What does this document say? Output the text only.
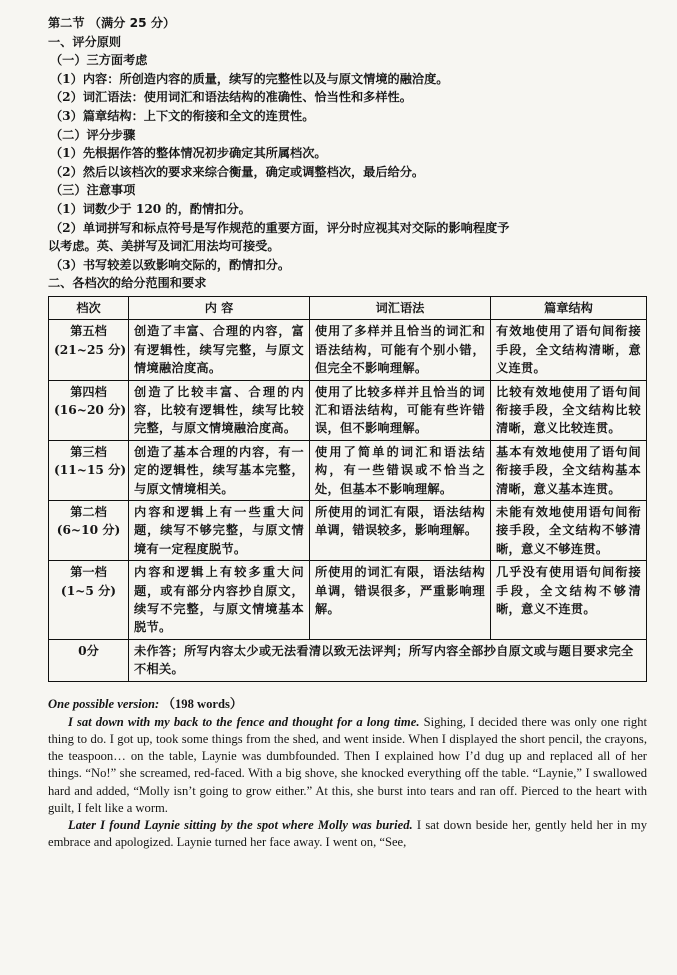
第二节 （满分 25 分）
一、评分原则
（一）三方面考虑
（1）内容：所创造内容的质量，续写的完整性以及与原文情境的融洽度。
（2）词汇语法：使用词汇和语法结构的准确性、恰当性和多样性。
（3）篇章结构：上下文的衔接和全文的连贯性。
（二）评分步骤
（1）先根据作答的整体情况初步确定其所属档次。
（2）然后以该档次的要求来综合衡量，确定或调整档次，最后给分。
（三）注意事项
（1）词数少于 120 的，酌情扣分。
（2）单词拼写和标点符号是写作规范的重要方面，评分时应视其对交际的影响程度予
以考虑。英、美拼写及词汇用法均可接受。
（3）书写较差以致影响交际的，酌情扣分。
二、各档次的给分范围和要求
档次	内 容	词汇语法	篇章结构

第五档
(21~25 分)	创造了丰富、合理的内容，富有逻辑性，续写完整，与原文情境融洽度高。	使用了多样并且恰当的词汇和语法结构，可能有个别小错，但完全不影响理解。	有效地使用了语句间衔接手段，全文结构清晰，意义连贯。

第四档
(16~20 分)	创造了比较丰富、合理的内容，比较有逻辑性，续写比较完整，与原文情境融洽度高。	使用了比较多样并且恰当的词汇和语法结构，可能有些许错误，但不影响理解。	比较有效地使用了语句间衔接手段，全文结构比较清晰，意义比较连贯。

第三档
(11~15 分)	创造了基本合理的内容，有一定的逻辑性，续写基本完整，与原文情境相关。	使用了简单的词汇和语法结构，有一些错误或不恰当之处，但基本不影响理解。	基本有效地使用了语句间衔接手段，全文结构基本清晰，意义基本连贯。

第二档
(6~10 分)	内容和逻辑上有一些重大问题，续写不够完整，与原文情境有一定程度脱节。	所使用的词汇有限，语法结构单调，错误较多，影响理解。	未能有效地使用语句间衔接手段，全文结构不够清晰，意义不够连贯。

第一档
(1~5 分)	内容和逻辑上有较多重大问题，或有部分内容抄自原文，续写不完整，与原文情境基本脱节。	所使用的词汇有限，语法结构单调，错误很多，严重影响理解。	几乎没有使用语句间衔接手段，全文结构不够清晰，意义不连贯。
0分	未作答；所写内容太少或无法看清以致无法评判；所写内容全部抄自原文或与题目要求完全不相关。		
One possible version: （198 words）

I sat down with my back to the fence and thought for a long time. Sighing, I decided there was only one right thing to do. I got up, took some things from the shed, and went inside. When I displayed the short pencil, the crayons, the teaspoon… on the table, Laynie was dumbfounded. Then I explained how I’d dug up and replaced all of her things. “No!” she screamed, red-faced. With a big shove, she knocked everything off the table. “Laynie,” I swallowed hard and added, “Molly isn’t going to grow either.” At this, she burst into tears and ran off. Pierced to the heart with guilt, I felt like a worm.

Later I found Laynie sitting by the spot where Molly was buried. I sat down beside her, gently held her in my embrace and apologized. Laynie turned her face away. I went on, “See,
